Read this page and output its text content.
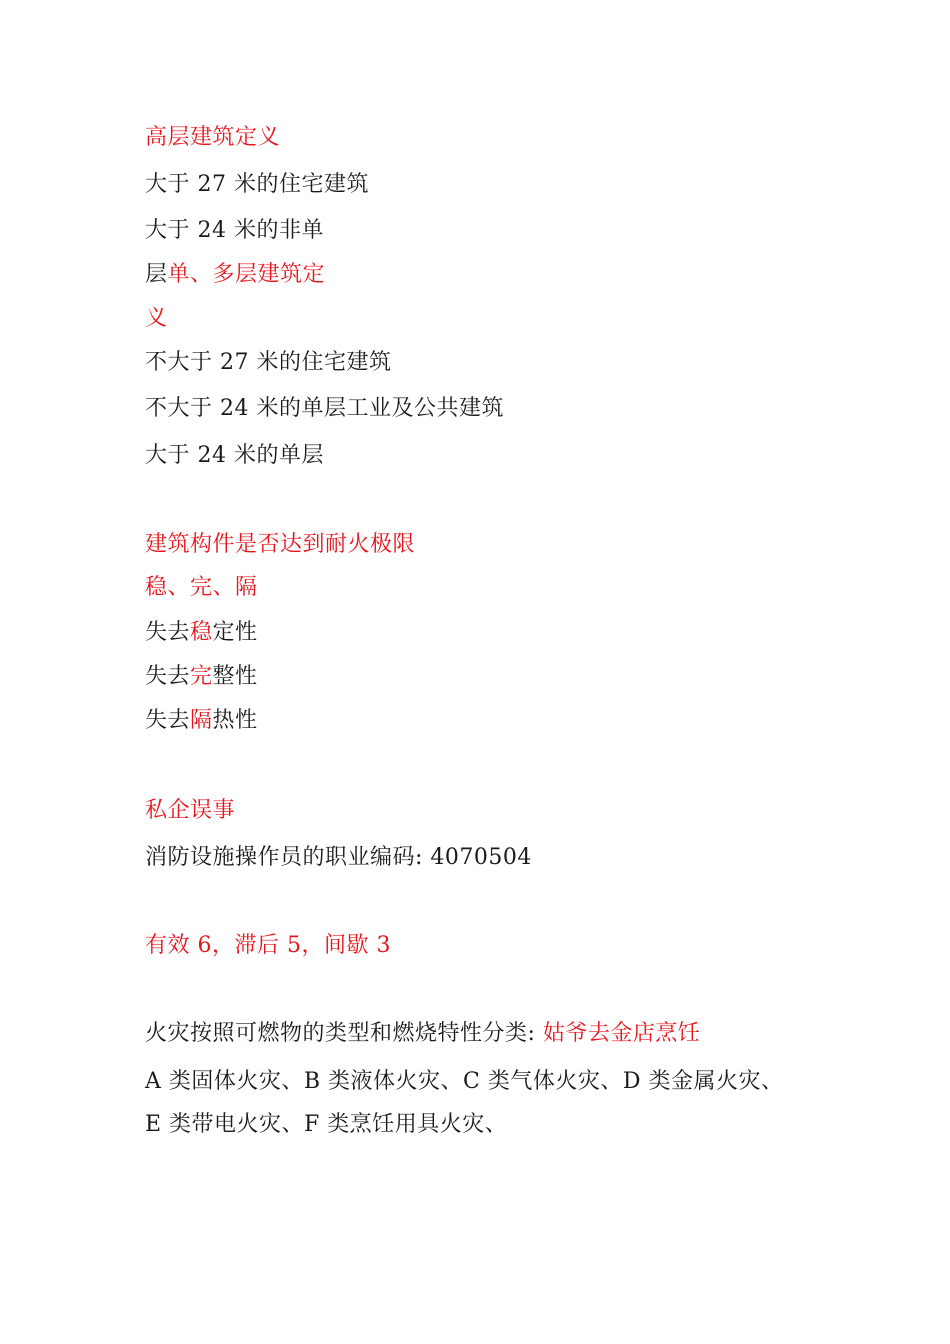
高层建筑定义
大于 27 米的住宅建筑
大于 24 米的非单
层单、多层建筑定
义
不大于 27 米的住宅建筑
不大于 24 米的单层工业及公共建筑
大于 24 米的单层
建筑构件是否达到耐火极限
稳、完、隔
失去稳定性
失去完整性
失去隔热性
私企误事
消防设施操作员的职业编码: 4070504
有效 6，滞后 5，间歇 3
火灾按照可燃物的类型和燃烧特性分类: 姑爷去金店烹饪
A 类固体火灾、B 类液体火灾、C 类气体火灾、D 类金属火灾、
E 类带电火灾、F 类烹饪用具火灾、
